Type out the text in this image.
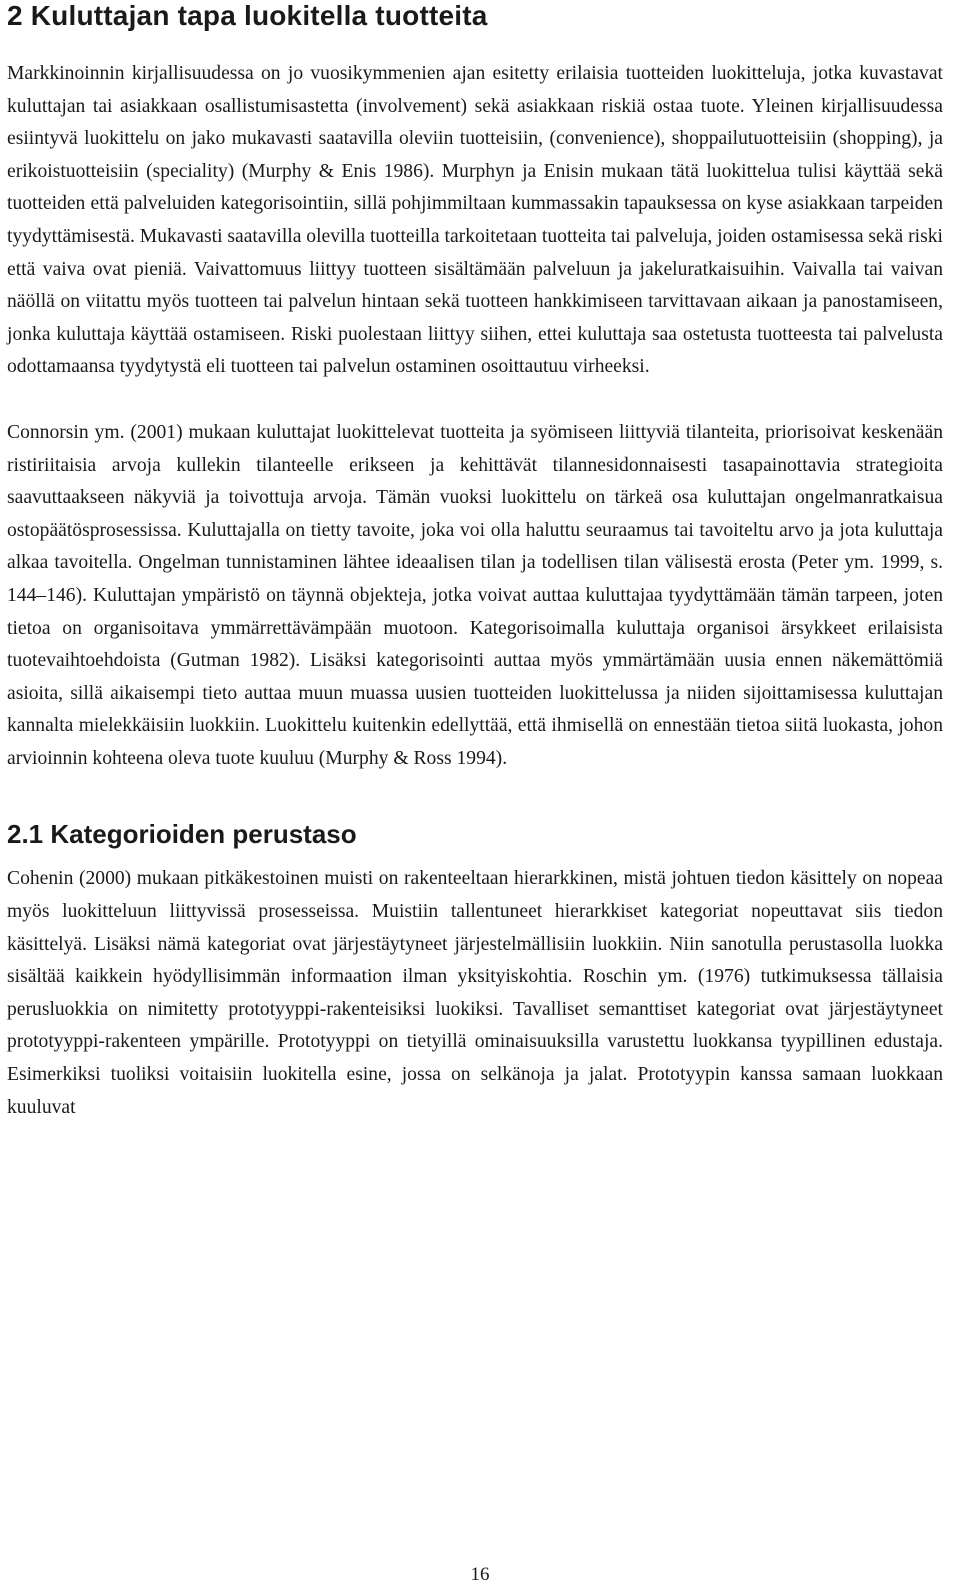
2 Kuluttajan tapa luokitella tuotteita

Markkinoinnin kirjallisuudessa on jo vuosikymmenien ajan esitetty erilaisia tuotteiden luokitteluja, jotka kuvastavat kuluttajan tai asiakkaan osallistumisastetta (involvement) sekä asiakkaan riskiä ostaa tuote. Yleinen kirjallisuudessa esiintyvä luokittelu on jako mukavasti saatavilla oleviin tuotteisiin, (convenience), shoppailutuotteisiin (shopping), ja erikoistuotteisiin (speciality) (Murphy & Enis 1986). Murphyn ja Enisin mukaan tätä luokittelua tulisi käyttää sekä tuotteiden että palveluiden kategorisointiin, sillä pohjimmiltaan kummassakin tapauksessa on kyse asiakkaan tarpeiden tyydyttämisestä. Mukavasti saatavilla olevilla tuotteilla tarkoitetaan tuotteita tai palveluja, joiden ostamisessa sekä riski että vaiva ovat pieniä. Vaivattomuus liittyy tuotteen sisältämään palveluun ja jakeluratkaisuihin. Vaivalla tai vaivan näöllä on viitattu myös tuotteen tai palvelun hintaan sekä tuotteen hankkimiseen tarvittavaan aikaan ja panostamiseen, jonka kuluttaja käyttää ostamiseen. Riski puolestaan liittyy siihen, ettei kuluttaja saa ostetusta tuotteesta tai palvelusta odottamaansa tyydytystä eli tuotteen tai palvelun ostaminen osoittautuu virheeksi.

Connorsin ym. (2001) mukaan kuluttajat luokittelevat tuotteita ja syömiseen liittyviä tilanteita, priorisoivat keskenään ristiriitaisia arvoja kullekin tilanteelle erikseen ja kehittävät tilannesidonnaisesti tasapainottavia strategioita saavuttaakseen näkyviä ja toivottuja arvoja. Tämän vuoksi luokittelu on tärkeä osa kuluttajan ongelmanratkaisua ostopäätösprosessissa. Kuluttajalla on tietty tavoite, joka voi olla haluttu seuraamus tai tavoiteltu arvo ja jota kuluttaja alkaa tavoitella. Ongelman tunnistaminen lähtee ideaalisen tilan ja todellisen tilan välisestä erosta (Peter ym. 1999, s. 144–146). Kuluttajan ympäristö on täynnä objekteja, jotka voivat auttaa kuluttajaa tyydyttämään tämän tarpeen, joten tietoa on organisoitava ymmärrettävämpään muotoon. Kategorisoimalla kuluttaja organisoi ärsykkeet erilaisista tuotevaihtoehdoista (Gutman 1982). Lisäksi kategorisointi auttaa myös ymmärtämään uusia ennen näkemättömiä asioita, sillä aikaisempi tieto auttaa muun muassa uusien tuotteiden luokittelussa ja niiden sijoittamisessa kuluttajan kannalta mielekkäisiin luokkiin. Luokittelu kuitenkin edellyttää, että ihmisellä on ennestään tietoa siitä luokasta, johon arvioinnin kohteena oleva tuote kuuluu (Murphy & Ross 1994).

2.1 Kategorioiden perustaso

Cohenin (2000) mukaan pitkäkestoinen muisti on rakenteeltaan hierarkkinen, mistä johtuen tiedon käsittely on nopeaa myös luokitteluun liittyvissä prosesseissa. Muistiin tallentuneet hierarkkiset kategoriat nopeuttavat siis tiedon käsittelyä. Lisäksi nämä kategoriat ovat järjestäytyneet järjestelmällisiin luokkiin. Niin sanotulla perustasolla luokka sisältää kaikkein hyödyllisimmän informaation ilman yksityiskohtia. Roschin ym. (1976) tutkimuksessa tällaisia perusluokkia on nimitetty prototyyppi-rakenteisiksi luokiksi. Tavalliset semanttiset kategoriat ovat järjestäytyneet prototyyppi-rakenteen ympärille. Prototyyppi on tietyillä ominaisuuksilla varustettu luokkansa tyypillinen edustaja. Esimerkiksi tuoliksi voitaisiin luokitella esine, jossa on selkänoja ja jalat. Prototyypin kanssa samaan luokkaan kuuluvat

16
